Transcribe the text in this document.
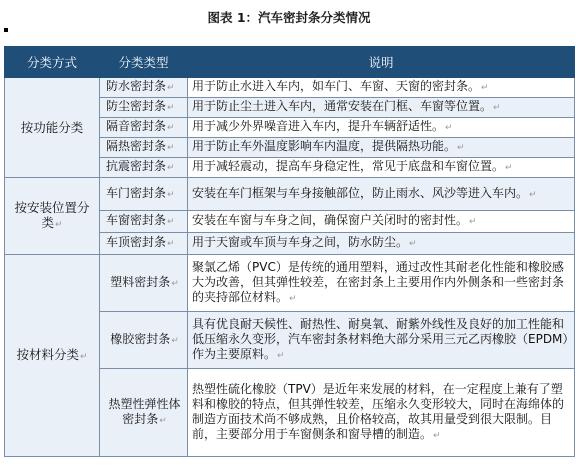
图表 1：汽车密封条分类情况
分类方式	分类类型	说明
按功能分类	防水密封条↵	用于防止水进入车内，如车门、车窗、天窗的密封条。↵
	防尘密封条↵	用于防止尘土进入车内，通常安装在门框、车窗等位置。↵
	隔音密封条↵	用于减少外界噪音进入车内，提升车辆舒适性。↵
	隔热密封条↵	用于防止车外温度影响车内温度，提供隔热功能。↵
	抗震密封条↵	用于减轻震动，提高车身稳定性，常见于底盘和车窗位置。↵
按安装位置分类↵	车门密封条↵	安装在车门框架与车身接触部位，防止雨水、风沙等进入车内。↵
	车窗密封条↵	安装在车窗与车身之间，确保窗户关闭时的密封性。↵
	车顶密封条↵	用于天窗或车顶与车身之间，防水防尘。↵
按材料分类↵	塑料密封条↵	聚氯乙烯（PVC）是传统的通用塑料，通过改性其耐老化性能和橡胶感大为改善，但其弹性较差，在密封条上主要用作内外侧条和一些密封条的夹持部位材料。↵
	橡胶密封条↵	具有优良耐天候性、耐热性、耐臭氧、耐紫外线性及良好的加工性能和低压缩永久变形，汽车密封条材料绝大部分采用三元乙丙橡胶（EPDM）作为主要原料。↵
	热塑性弹性体密封条↵	热塑性硫化橡胶（TPV）是近年来发展的材料，在一定程度上兼有了塑料和橡胶的特点，但其弹性较差，压缩永久变形较大，同时在海绵体的制造方面技术尚不够成熟，且价格较高，故其用量受到很大限制。目前，主要部分用于车窗侧条和窗导槽的制造。↵
